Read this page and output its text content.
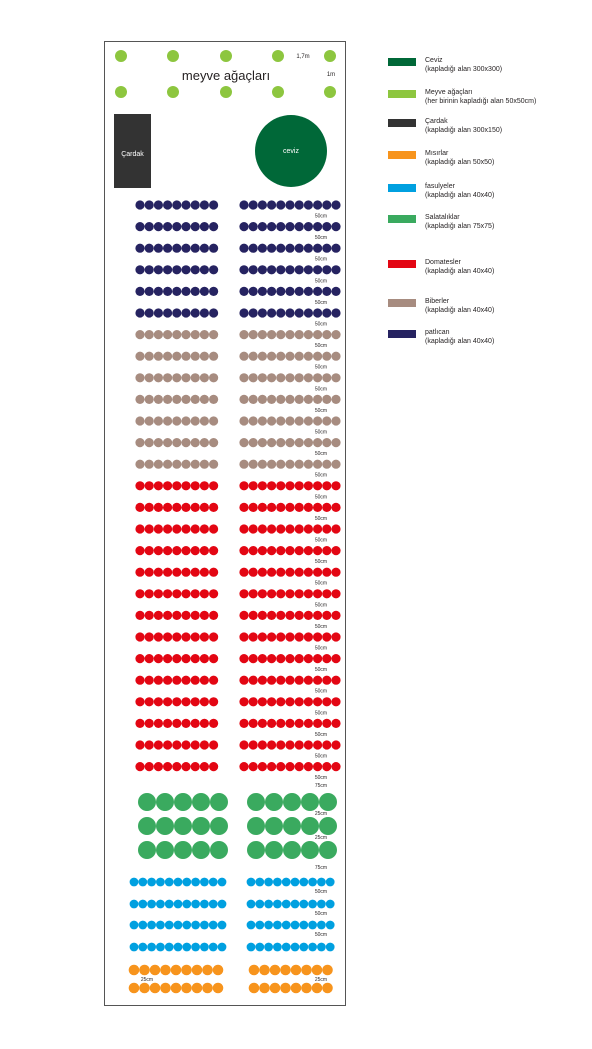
meyve ağaçları
1,7m
1m
Çardak	ceviz
50cm
50cm
50cm
50cm
50cm
50cm
50cm
50cm
50cm
50cm
50cm
50cm
50cm
50cm
50cm
50cm
50cm
50cm
50cm
50cm
50cm
50cm
50cm
50cm
50cm
50cm
50cm
75cm
25cm
25cm
75cm
50cm
50cm
50cm
25cm	25cm
Ceviz
(kapladığı alan 300x300)
Meyve ağaçları
(her birinin kapladığı alan 50x50cm)
Çardak
(kapladığı alan 300x150)
Mısırlar
(kapladığı alan 50x50)
fasulyeler
(kapladığı alan 40x40)
Salatalıklar
(kapladığı alan 75x75)
Domatesler
(kapladığı alan 40x40)
Biberler
(kapladığı alan 40x40)
patlıcan
(kapladığı alan 40x40)
